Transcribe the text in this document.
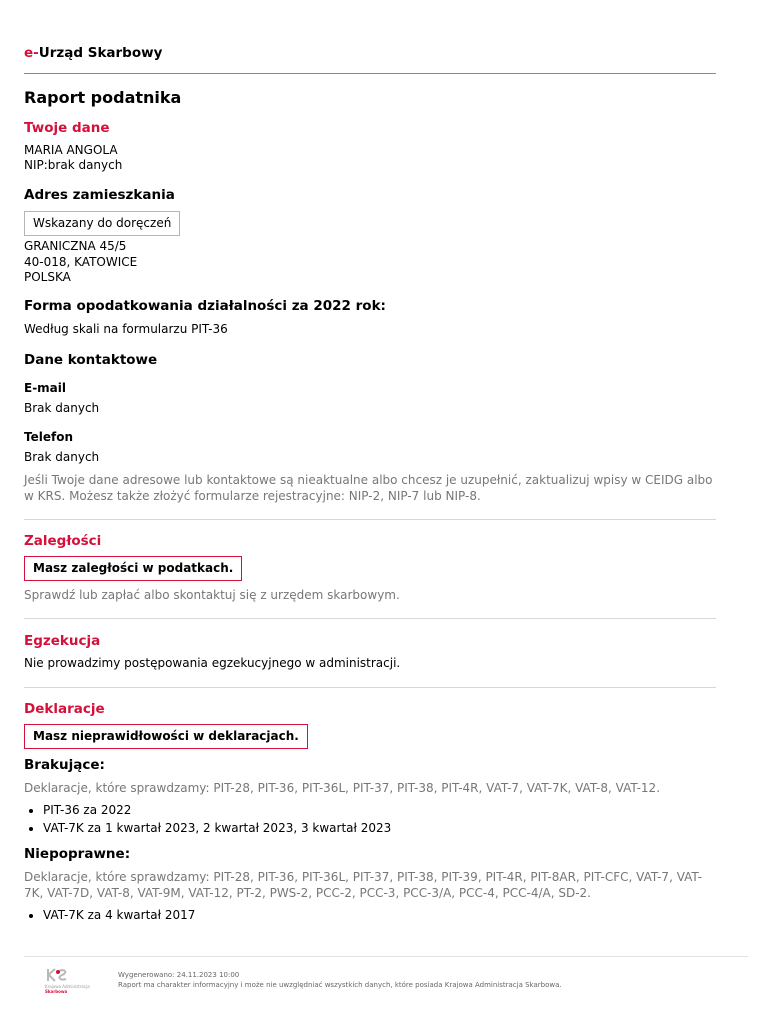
e-Urząd Skarbowy
Raport podatnika
Twoje dane
MARIA ANGOLA
NIP:brak danych
Adres zamieszkania
Wskazany do doręczeń
GRANICZNA 45/5
40-018, KATOWICE
POLSKA
Forma opodatkowania działalności za 2022 rok:
Według skali na formularzu PIT-36
Dane kontaktowe
E-mail
Brak danych
Telefon
Brak danych
Jeśli Twoje dane adresowe lub kontaktowe są nieaktualne albo chcesz je uzupełnić, zaktualizuj wpisy w CEIDG albo w KRS. Możesz także złożyć formularze rejestracyjne: NIP-2, NIP-7 lub NIP-8.
Zaległości
Masz zaległości w podatkach.
Sprawdź lub zapłać albo skontaktuj się z urzędem skarbowym.
Egzekucja
Nie prowadzimy postępowania egzekucyjnego w administracji.
Deklaracje
Masz nieprawidłowości w deklaracjach.
Brakujące:
Deklaracje, które sprawdzamy: PIT-28, PIT-36, PIT-36L, PIT-37, PIT-38, PIT-4R, VAT-7, VAT-7K, VAT-8, VAT-12.
• PIT-36 za 2022
• VAT-7K za 1 kwartał 2023, 2 kwartał 2023, 3 kwartał 2023
Niepoprawne:
Deklaracje, które sprawdzamy: PIT-28, PIT-36, PIT-36L, PIT-37, PIT-38, PIT-39, PIT-4R, PIT-8AR, PIT-CFC, VAT-7, VAT-7K, VAT-7D, VAT-8, VAT-9M, VAT-12, PT-2, PWS-2, PCC-2, PCC-3, PCC-3/A, PCC-4, PCC-4/A, SD-2.
• VAT-7K za 4 kwartał 2017
Krajowa Administracja
Skarbowa
Wygenerowano: 24.11.2023 10:00
Raport ma charakter informacyjny i może nie uwzględniać wszystkich danych, które posiada Krajowa Administracja Skarbowa.
